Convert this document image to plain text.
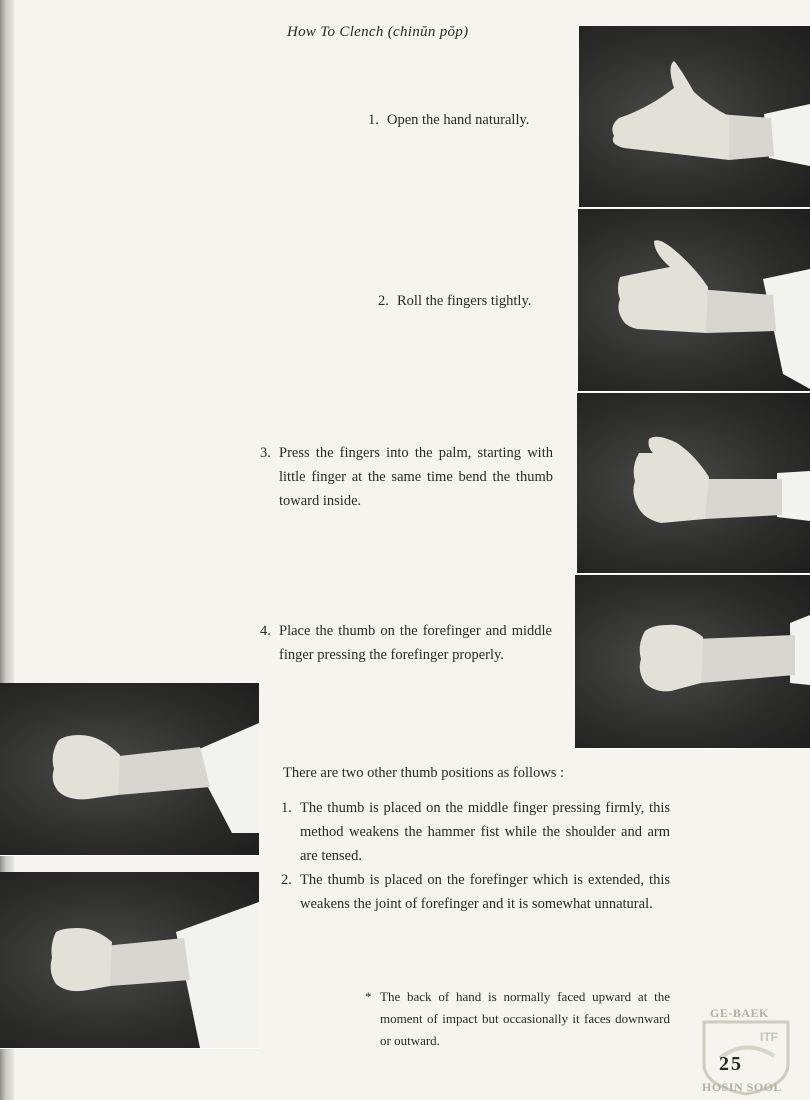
How To Clench (chinŭn pŏp)
1. Open the hand naturally.
2. Roll the fingers tightly.
3. Press the fingers into the palm, starting with little finger at the same time bend the thumb toward inside.
4. Place the thumb on the forefinger and middle finger pressing the forefinger properly.
There are two other thumb positions as follows :
1. The thumb is placed on the middle finger pressing firmly, this method weakens the hammer fist while the shoulder and arm are tensed.
2. The thumb is placed on the forefinger which is extended, this weakens the joint of forefinger and it is somewhat unnatural.
* The back of hand is normally faced upward at the moment of impact but occasionally it faces downward or outward.
GE-BAEK
HOSIN SOOL
ITF
25
